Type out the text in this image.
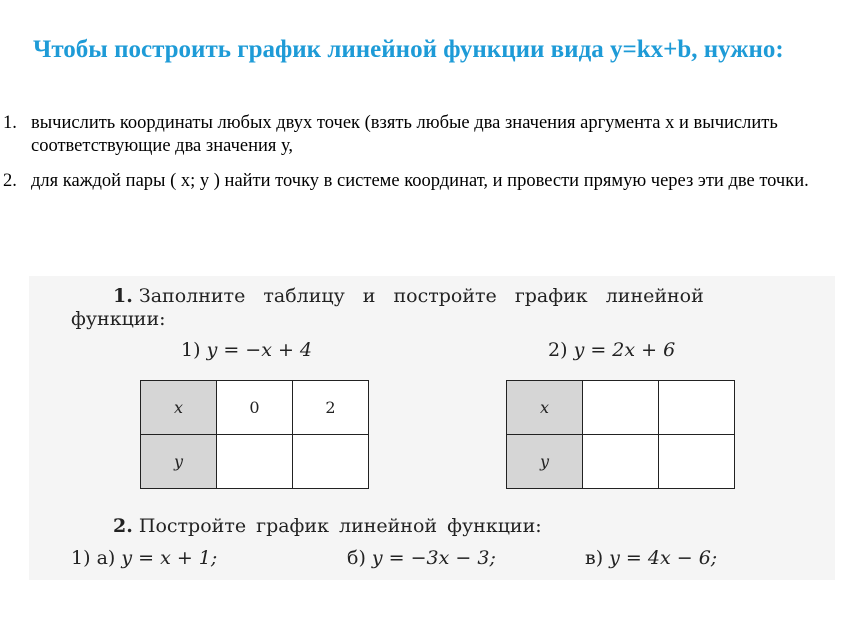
Чтобы построить график линейной функции вида y=kx+b, нужно:
1. вычислить координаты любых двух точек (взять любые два значения аргумента х и вычислить соответствующие два значения у,
2. для каждой пары ( х; у ) найти точку в системе координат, и провести прямую через эти две точки.

1. Заполните таблицу и постройте график линейной

функции:

1) y = −x + 4	2) y = 2x + 6

x	0	2
y		
x		
y		

2. Постройте график линейной функции:

1) а) y = x + 1;	б) y = −3x − 3;	в) y = 4x − 6;
